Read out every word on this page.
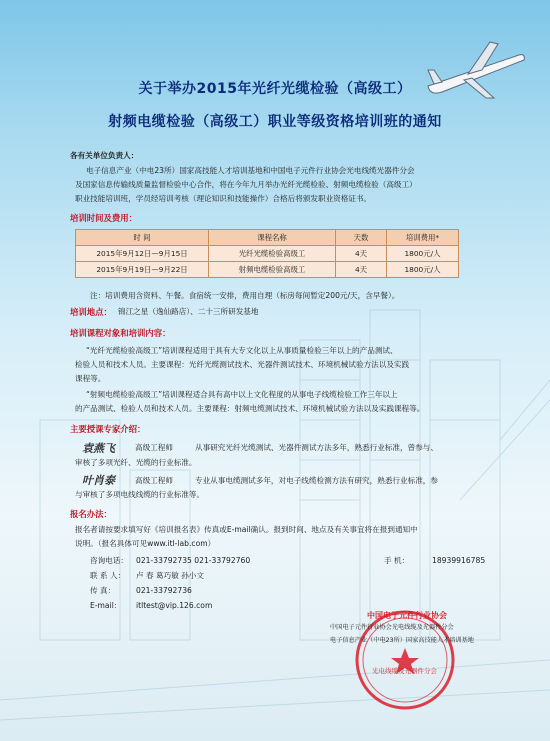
关于举办2015年光纤光缆检验（高级工）
射频电缆检验（高级工）职业等级资格培训班的通知
各有关单位负责人：
电子信息产业（中电23所）国家高技能人才培训基地和中国电子元件行业协会光电线缆光器件分会
及国家信息传输线质量监督检验中心合作，将在今年九月举办光纤光缆检验、射频电缆检验（高级工）
职业技能培训班，学员经培训考核（理论知识和技能操作）合格后将颁发职业资格证书。
培训时间及费用：
时 间	课程名称	天数	培训费用*
2015年9月12日—9月15日	光纤光缆检验高级工	4天	1800元/人
2015年9月19日—9月22日	射频电缆检验高级工	4天	1800元/人
注：培训费用含资料、午餐。食宿统一安排，费用自理（标房每间暂定200元/天，含早餐）。
培训地点： 锦江之星（逸仙路店）、二十三所研发基地
培训课程对象和培训内容：
“光纤光缆检验高级工”培训课程适用于具有大专文化以上从事质量检验三年以上的产品测试、
检验人员和技术人员。主要课程：光纤光缆测试技术、光器件测试技术、环境机械试验方法以及实践
课程等。
“射频电缆检验高级工”培训课程适合具有高中以上文化程度的从事电子线缆检验工作三年以上
的产品测试、检验人员和技术人员。主要课程：射频电缆测试技术、环境机械试验方法以及实践课程等。
主要授课专家介绍：
袁燕飞	高级工程师	从事研究光纤光缆测试、光器件测试方法多年，熟悉行业标准，曾参与、
审核了多项光纤、光缆的行业标准。
叶肖泰	高级工程师	专业从事电缆测试多年，对电子线缆检测方法有研究，熟悉行业标准，参
与审核了多项电线线缆的行业标准等。
报名办法：
报名者请按要求填写好《培训报名表》传真或E-mail确认。报到时间、地点及有关事宜将在报到通知中
说明。（报名具体可见www.itl-lab.com）
咨询电话： 021-33792735 021-33792760	手 机：	18939916785
联 系 人： 卢 春 葛巧敏 孙小文
传 真：	021-33792736
E-mail： itltest@vip.126.com
中国电子元件行业协会
光电线缆及光器件分会
中国电子元件行业协会光电线缆及光器件分会
电子信息产业（中电23所）国家高技能人才培训基地
